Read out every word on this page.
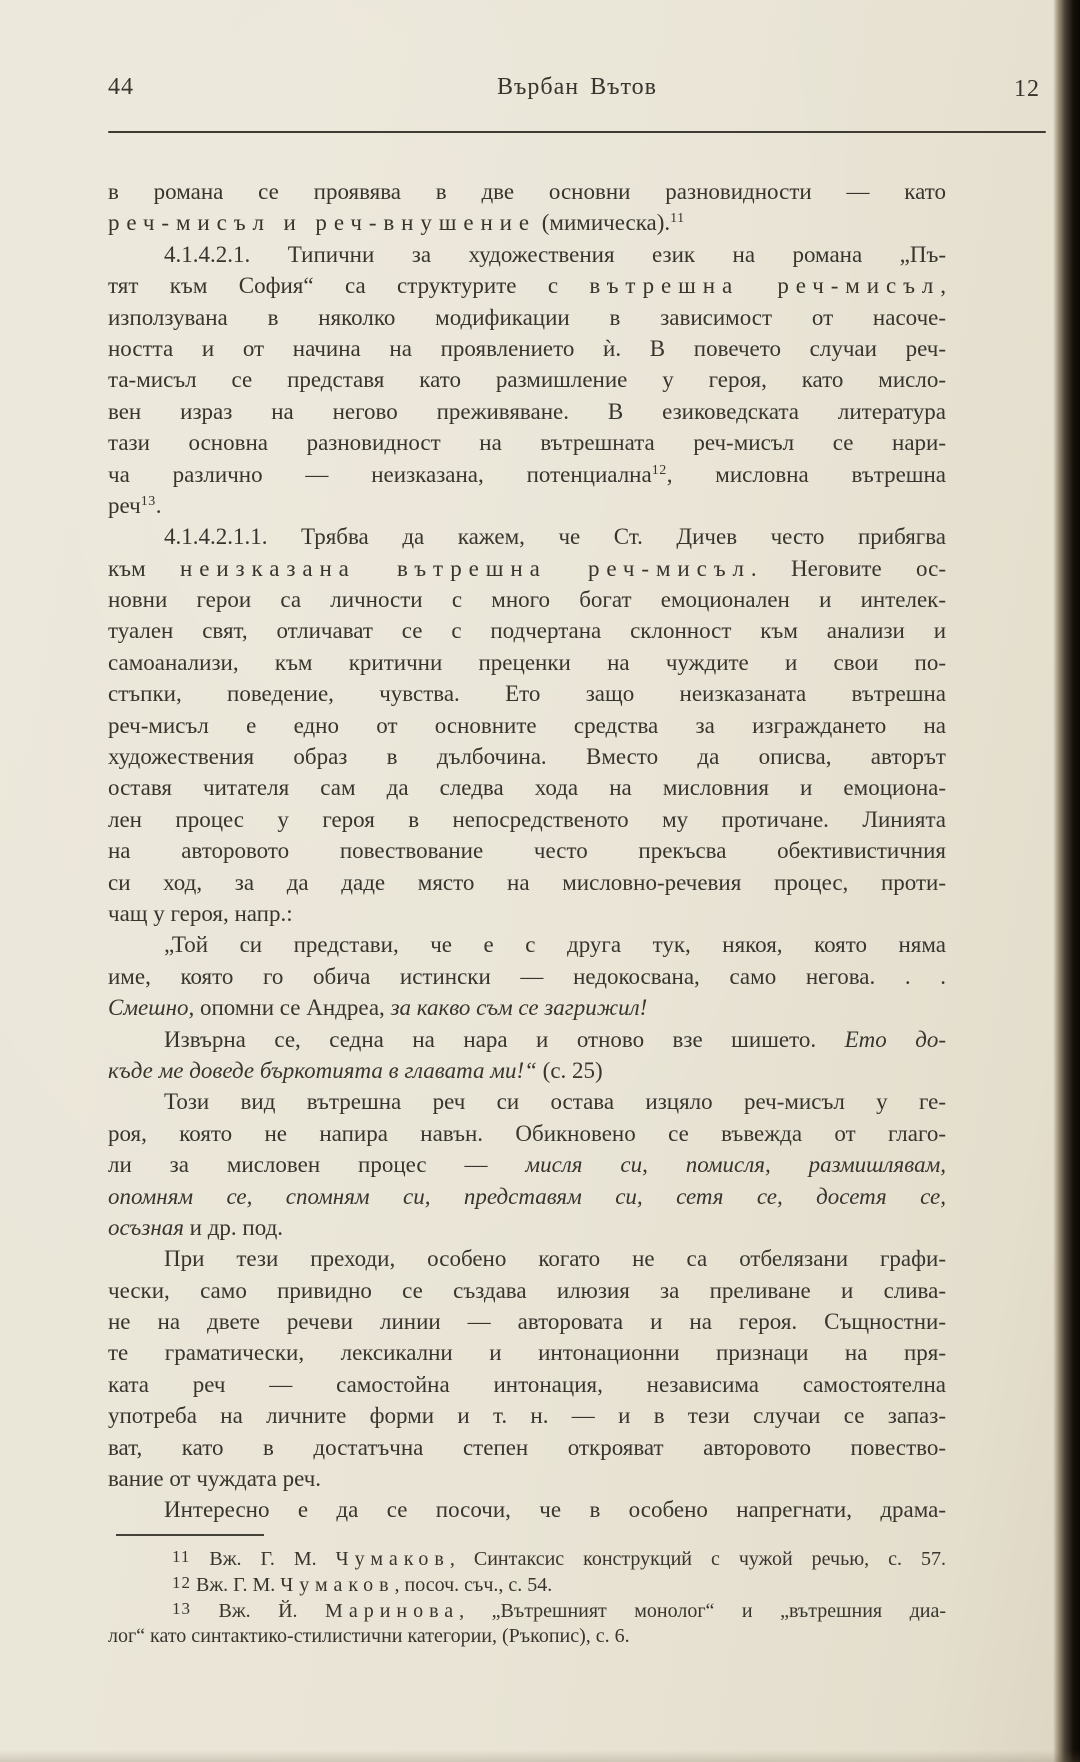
44	Върбан Вътов	12
в романа се проявява в две основни разновидности — като
реч-мисъл и реч-внушение (мимическа).$^{11}$
4.1.4.2.1. Типични за художествения език на романа „Пъ-
тят към София“ са структурите с вътрешна реч-мисъл,
използувана в няколко модификации в зависимост от насоче-
ността и от начина на проявлението ѝ. В повечето случаи реч-
та-мисъл се представя като размишление у героя, като мисло-
вен израз на негово преживяване. В езиковедската литература
тази основна разновидност на вътрешната реч-мисъл се нари-
ча различно — неизказана, потенциална$^{12}$, мисловна вътрешна
реч$^{13}$.
4.1.4.2.1.1. Трябва да кажем, че Ст. Дичев често прибягва
към неизказана вътрешна реч-мисъл. Неговите ос-
новни герои са личности с много богат емоционален и интелек-
туален свят, отличават се с подчертана склонност към анализи и
самоанализи, към критични преценки на чуждите и свои по-
стъпки, поведение, чувства. Ето защо неизказаната вътрешна
реч-мисъл е едно от основните средства за изграждането на
художествения образ в дълбочина. Вместо да описва, авторът
оставя читателя сам да следва хода на мисловния и емоциона-
лен процес у героя в непосредственото му протичане. Линията
на авторовото повествование често прекъсва обективистичния
си ход, за да даде място на мисловно-речевия процес, проти-
чащ у героя, напр.:
„Той си представи, че е с друга тук, някоя, която няма
име, която го обича истински — недокосвана, само негова. . .
Смешно, опомни се Андреа, за какво съм се загрижил!
Извърна се, седна на нара и отново взе шишето. Ето до-
къде ме доведе бъркотията в главата ми!“ (с. 25)
Този вид вътрешна реч си остава изцяло реч-мисъл у ге-
роя, която не напира навън. Обикновено се въвежда от глаго-
ли за мисловен процес — мисля си, помисля, размишлявам,
опомням се, спомням си, представям си, сетя се, досетя се,
осъзная и др. под.
При тези преходи, особено когато не са отбелязани графи-
чески, само привидно се създава илюзия за преливане и слива-
не на двете речеви линии — авторовата и на героя. Същностни-
те граматически, лексикални и интонационни признаци на пря-
ката реч — самостойна интонация, независима самостоятелна
употреба на личните форми и т. н. — и в тези случаи се запаз-
ват, като в достатъчна степен открояват авторовото повество-
вание от чуждата реч.
Интересно е да се посочи, че в особено напрегнати, драма-
11 Вж. Г. М. Чумаков, Синтаксис конструкций с чужой речью, с. 57.
12 Вж. Г. М. Чумаков, посоч. съч., с. 54.
13 Вж. Й. Маринова, „Вътрешният монолог“ и „вътрешния диа-
лог“ като синтактико-стилистични категории, (Ръкопис), с. 6.
